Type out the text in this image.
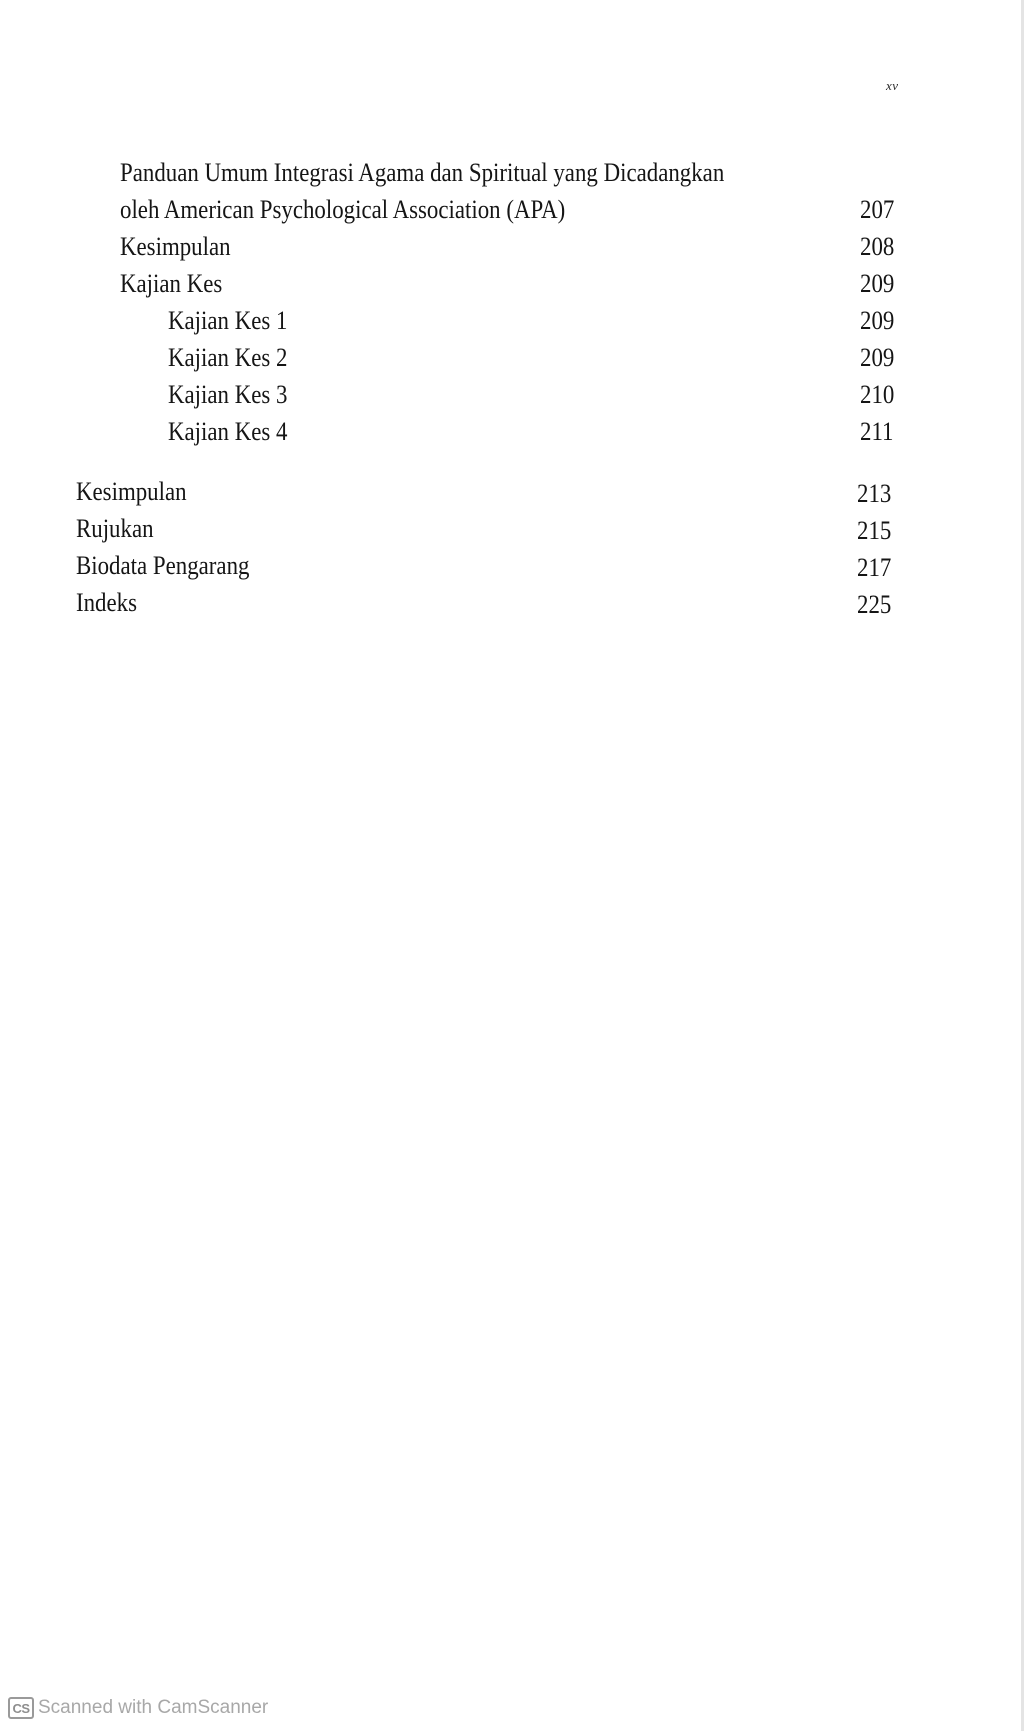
xv
Panduan Umum Integrasi Agama dan Spiritual yang Dicadangkan
oleh American Psychological Association (APA)	207
Kesimpulan	208
Kajian Kes	209
Kajian Kes 1	209
Kajian Kes 2	209
Kajian Kes 3	210
Kajian Kes 4	211
Kesimpulan	213
Rujukan	215
Biodata Pengarang	217
Indeks	225
CS Scanned with CamScanner
